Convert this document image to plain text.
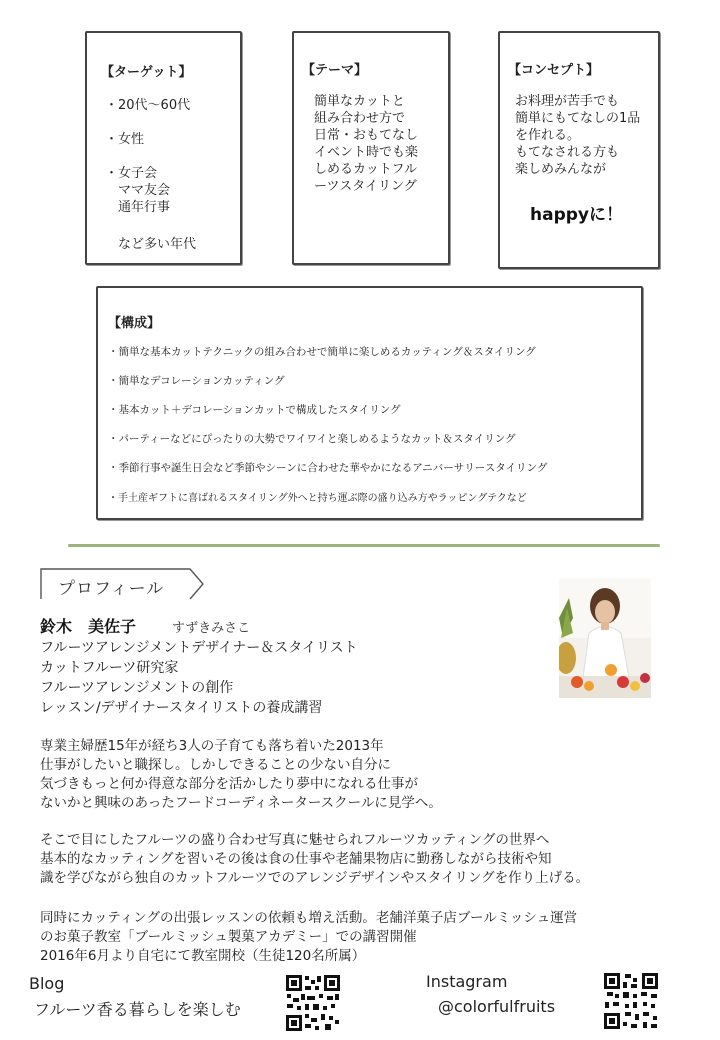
【ターゲット】
・20代〜60代
・女性
・女子会
　ママ友会
　通年行事
　など多い年代
【テーマ】
簡単なカットと
組み合わせ方で
日常・おもてなし
イベント時でも楽
しめるカットフル
ーツスタイリング
【コンセプト】
お料理が苦手でも
簡単にもてなしの1品
を作れる。
もてなされる方も
楽しめみんなが
happyに！
【構成】
・簡単な基本カットテクニックの組み合わせで簡単に楽しめるカッティング＆スタイリング
・簡単なデコレーションカッティング
・基本カット＋デコレーションカットで構成したスタイリング
・パーティーなどにぴったりの大勢でワイワイと楽しめるようなカット＆スタイリング
・季節行事や誕生日会など季節やシーンに合わせた華やかになるアニバーサリースタイリング
・手土産ギフトに喜ばれるスタイリング外へと持ち運ぶ際の盛り込み方やラッピングテクなど
プロフィール
鈴木　美佐子	すずきみさこ
フルーツアレンジメントデザイナー＆スタイリスト
カットフルーツ研究家
フルーツアレンジメントの創作
レッスン/デザイナースタイリストの養成講習
専業主婦歴15年が経ち3人の子育ても落ち着いた2013年
仕事がしたいと職探し。しかしできることの少ない自分に
気づきもっと何か得意な部分を活かしたり夢中になれる仕事が
ないかと興味のあったフードコーディネータースクールに見学へ。
そこで目にしたフルーツの盛り合わせ写真に魅せられフルーツカッティングの世界へ
基本的なカッティングを習いその後は食の仕事や老舗果物店に勤務しながら技術や知
識を学びながら独自のカットフルーツでのアレンジデザインやスタイリングを作り上げる。
同時にカッティングの出張レッスンの依頼も増え活動。老舗洋菓子店ブールミッシュ運営
のお菓子教室「ブールミッシュ製菓アカデミー」での講習開催
2016年6月より自宅にて教室開校（生徒120名所属）
Blog
フルーツ香る暮らしを楽しむ
Instagram
@colorfulfruits
